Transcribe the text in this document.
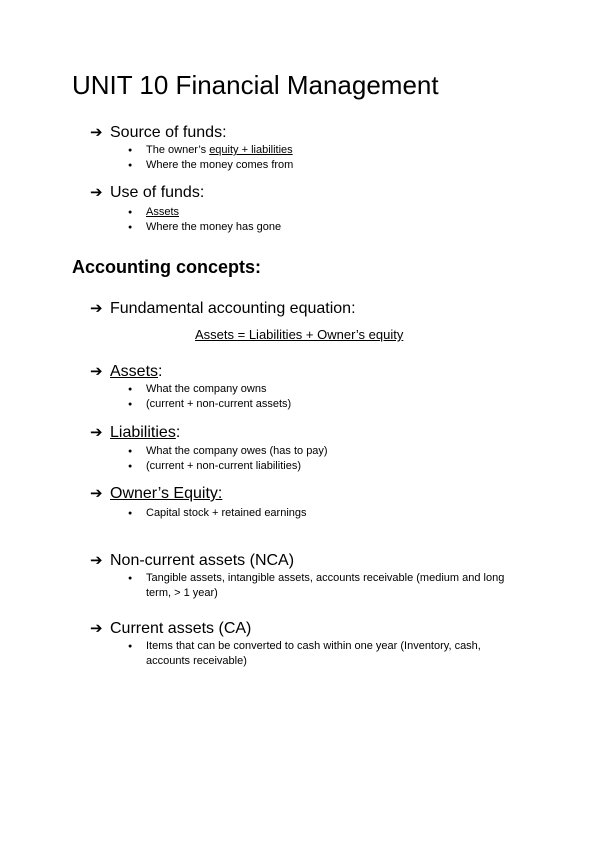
UNIT 10 Financial Management
➔ Source of funds:
●	The owner’s equity + liabilities
●	Where the money comes from
➔ Use of funds:
●	Assets
●	Where the money has gone
Accounting concepts:
➔ Fundamental accounting equation:
Assets = Liabilities + Owner’s equity
➔ Assets:
●	What the company owns
●	(current + non-current assets)
➔ Liabilities:
●	What the company owes (has to pay)
●	(current + non-current liabilities)
➔ Owner’s Equity:
●	Capital stock + retained earnings
➔ Non-current assets (NCA)
●	Tangible assets, intangible assets, accounts receivable (medium and long term, > 1 year)
➔ Current assets (CA)
●	Items that can be converted to cash within one year (Inventory, cash, accounts receivable)
